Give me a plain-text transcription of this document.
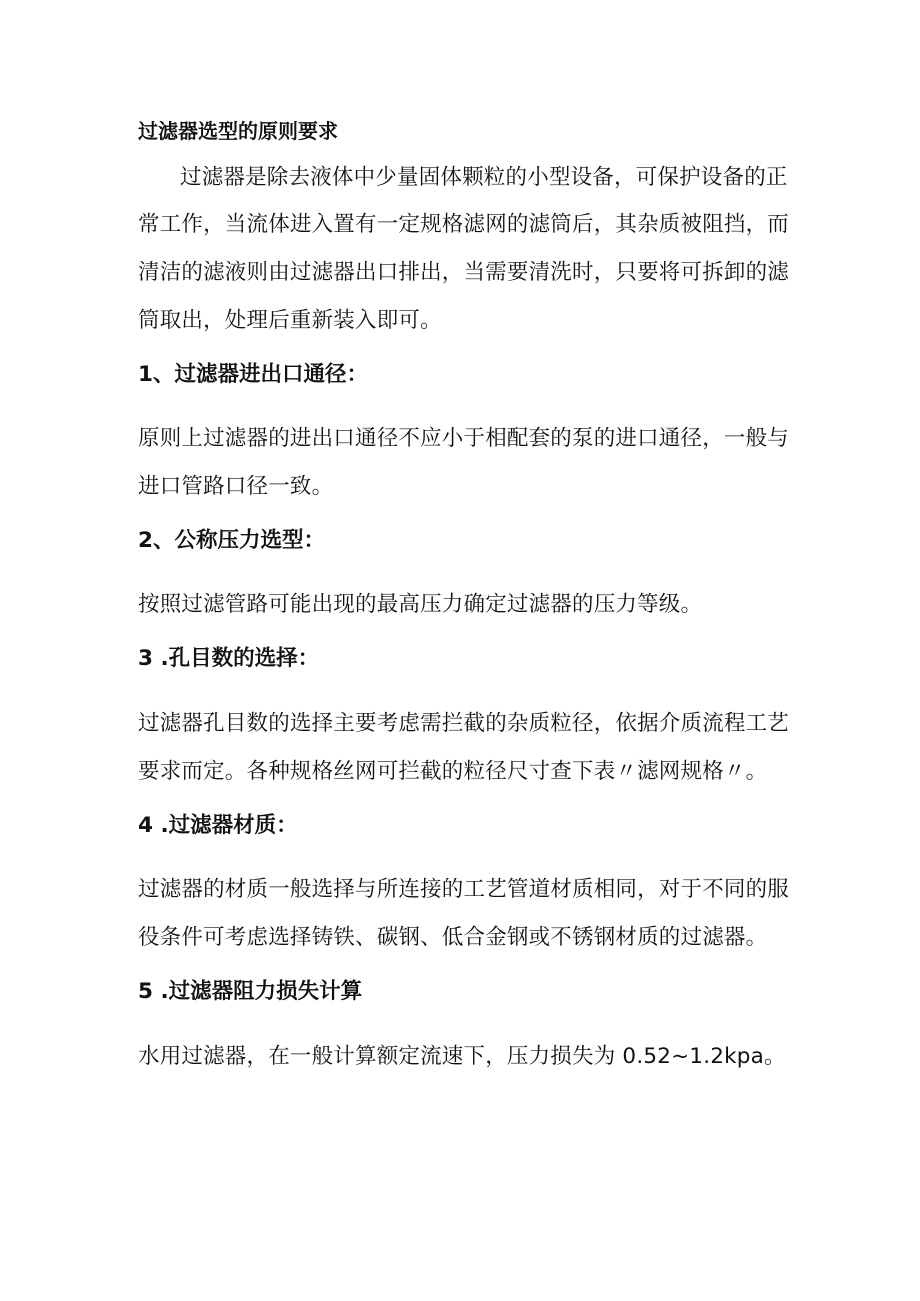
过滤器选型的原则要求

过滤器是除去液体中少量固体颗粒的小型设备，可保护设备的正

常工作，当流体进入置有一定规格滤网的滤筒后，其杂质被阻挡，而

清洁的滤液则由过滤器出口排出，当需要清洗时，只要将可拆卸的滤

筒取出，处理后重新装入即可。

1、过滤器进出口通径：

原则上过滤器的进出口通径不应小于相配套的泵的进口通径，一般与

进口管路口径一致。

2、公称压力选型：

按照过滤管路可能出现的最高压力确定过滤器的压力等级。

3 .孔目数的选择：

过滤器孔目数的选择主要考虑需拦截的杂质粒径，依据介质流程工艺

要求而定。各种规格丝网可拦截的粒径尺寸查下表〃滤网规格〃。

4 .过滤器材质：

过滤器的材质一般选择与所连接的工艺管道材质相同，对于不同的服

役条件可考虑选择铸铁、碳钢、低合金钢或不锈钢材质的过滤器。

5 .过滤器阻力损失计算

水用过滤器，在一般计算额定流速下，压力损失为 0.52~1.2kpa。
